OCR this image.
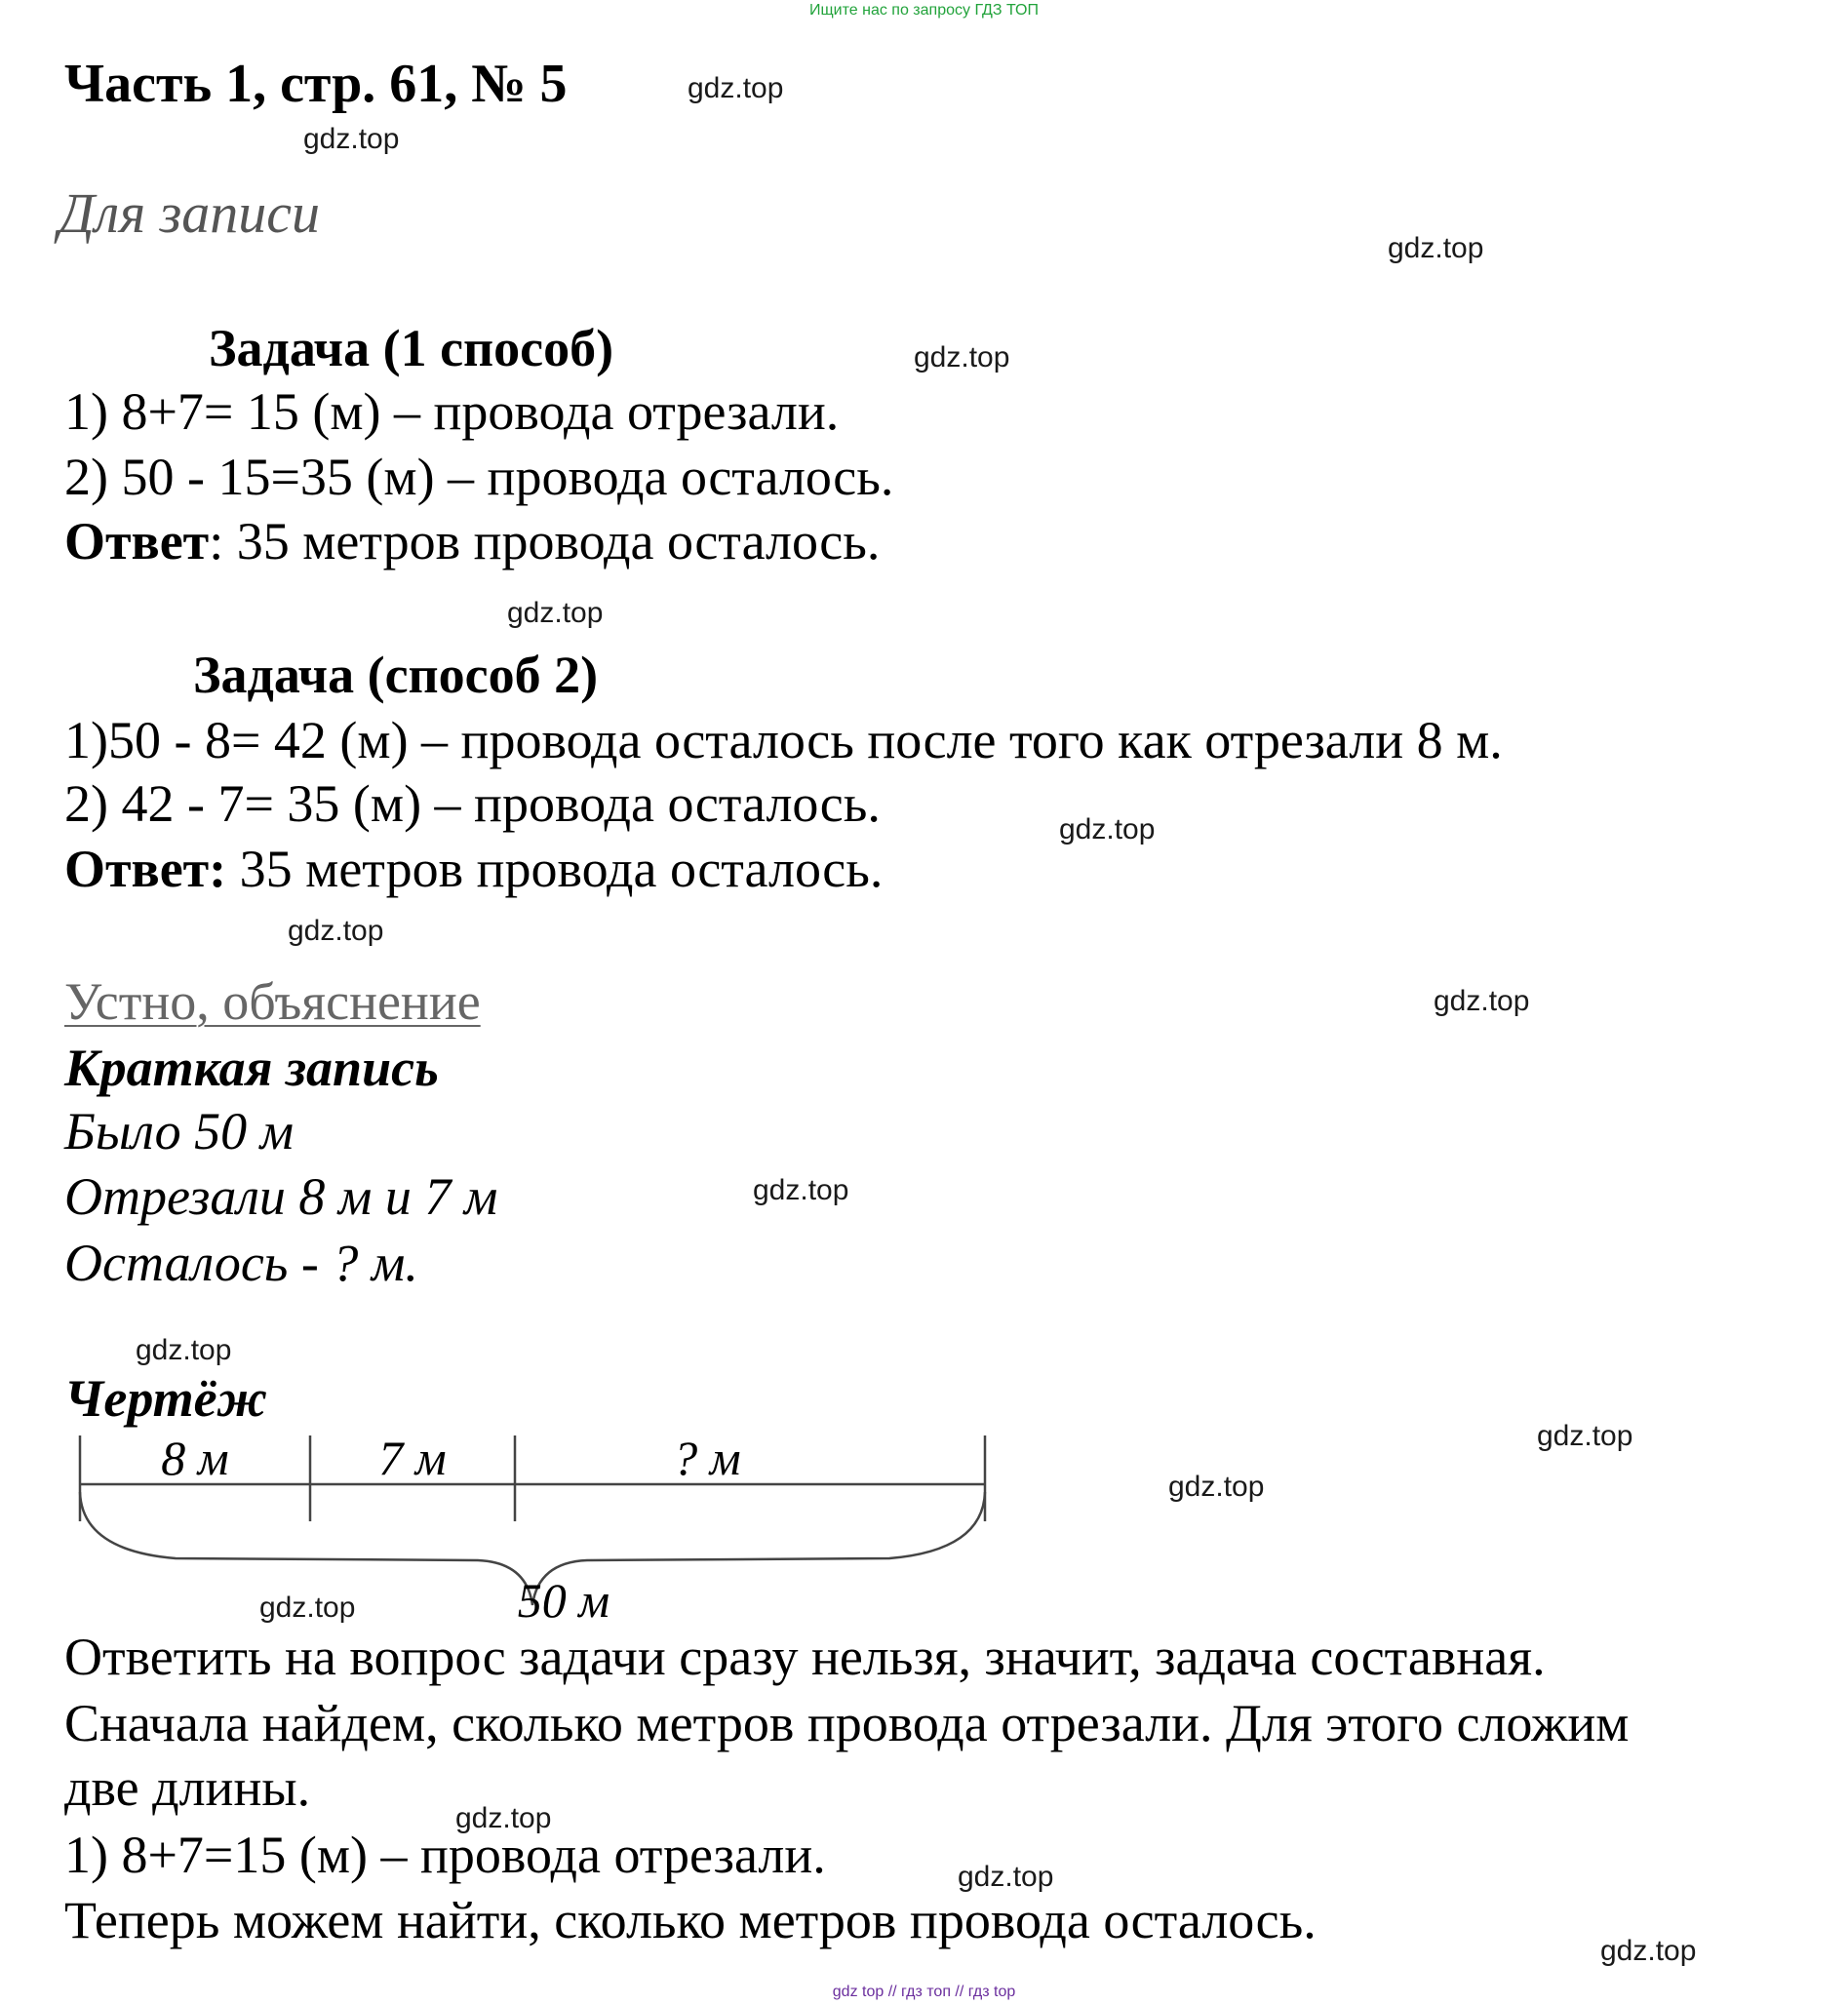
Ищите нас по запросу ГДЗ ТОП
Часть 1, стр. 61, № 5
Для записи
Задача (1 способ)
1) 8+7= 15 (м) – провода отрезали.
2) 50 - 15=35 (м) – провода осталось.
Ответ: 35 метров провода осталось.
Задача (способ 2)
1)50 - 8= 42 (м) – провода осталось после того как отрезали 8 м.
2) 42 - 7= 35 (м) – провода осталось.
Ответ: 35 метров провода осталось.
Устно, объяснение
Краткая запись
Было 50 м
Отрезали 8 м и 7 м
Осталось - ? м.
Чертёж
8 м	7 м	? м
50 м
Ответить на вопрос задачи сразу нельзя, значит, задача составная.
Сначала найдем, сколько метров провода отрезали. Для этого сложим
две длины.
1) 8+7=15 (м) – провода отрезали.
Теперь можем найти, сколько метров провода осталось.
gdz.top
gdz.top
gdz.top
gdz.top
gdz.top
gdz.top
gdz.top
gdz.top
gdz.top
gdz.top
gdz.top
gdz.top
gdz.top
gdz.top
gdz.top
gdz.top
gdz top // гдз топ // гдз top
